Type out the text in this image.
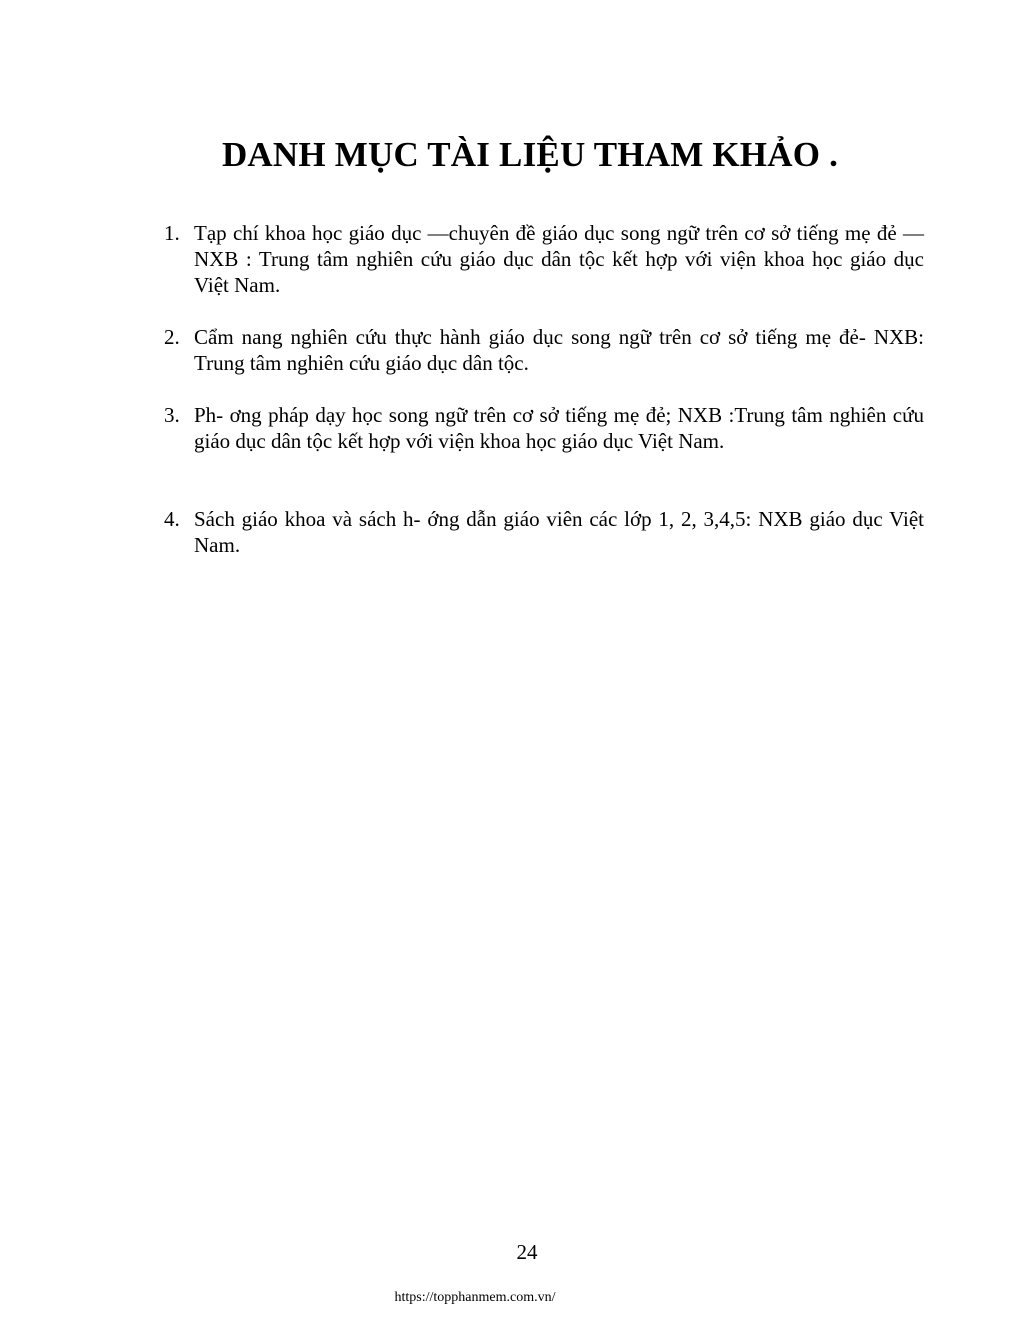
DANH MỤC TÀI LIỆU THAM KHẢO .
1. Tạp chí khoa học giáo dục —chuyên đề giáo dục song ngữ trên cơ sở tiếng mẹ đẻ — NXB : Trung tâm nghiên cứu giáo dục dân tộc kết hợp với viện khoa học giáo dục Việt Nam.
2. Cẩm nang nghiên cứu thực hành giáo dục song ngữ trên cơ sở tiếng mẹ đẻ- NXB: Trung tâm nghiên cứu giáo dục dân tộc.
3. Ph- ơng pháp dạy học song ngữ trên cơ sở tiếng mẹ đẻ; NXB :Trung tâm nghiên cứu giáo dục dân tộc kết hợp với viện khoa học giáo dục Việt Nam.
4. Sách giáo khoa và sách h- ớng dẫn giáo viên các lớp 1, 2, 3,4,5: NXB giáo dục Việt Nam.
24
https://topphanmem.com.vn/
